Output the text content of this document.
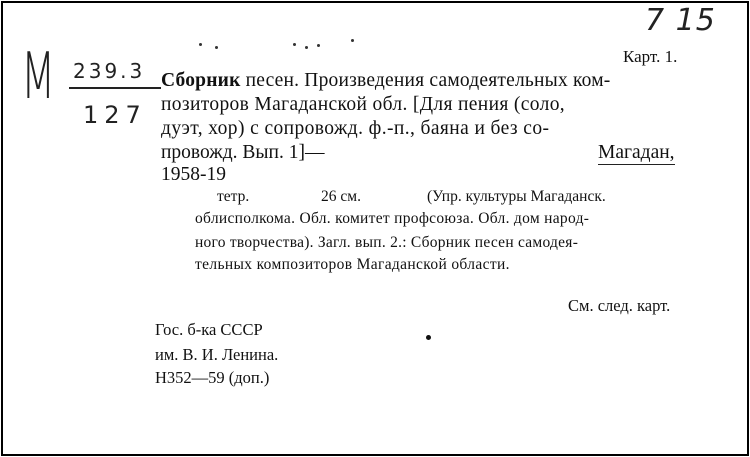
7 15
М 239.3
127
Карт. 1.
Сборник песен. Произведения самодеятельных ком-
позиторов Магаданской обл. [Для пения (соло,
дуэт, хор) с сопровожд. ф.-п., баяна и без со-
провожд. Вып. 1]—	Магадан,
1958-19
тетр.	26 см.	(Упр. культуры Магаданск.
облисполкома. Обл. комитет профсоюза. Обл. дом народ-
ного творчества). Загл. вып. 2.: Сборник песен самодея-
тельных композиторов Магаданской области.
См. след. карт.
Гос. б-ка СССР
им. В. И. Ленина.
Н352—59 (доп.)
